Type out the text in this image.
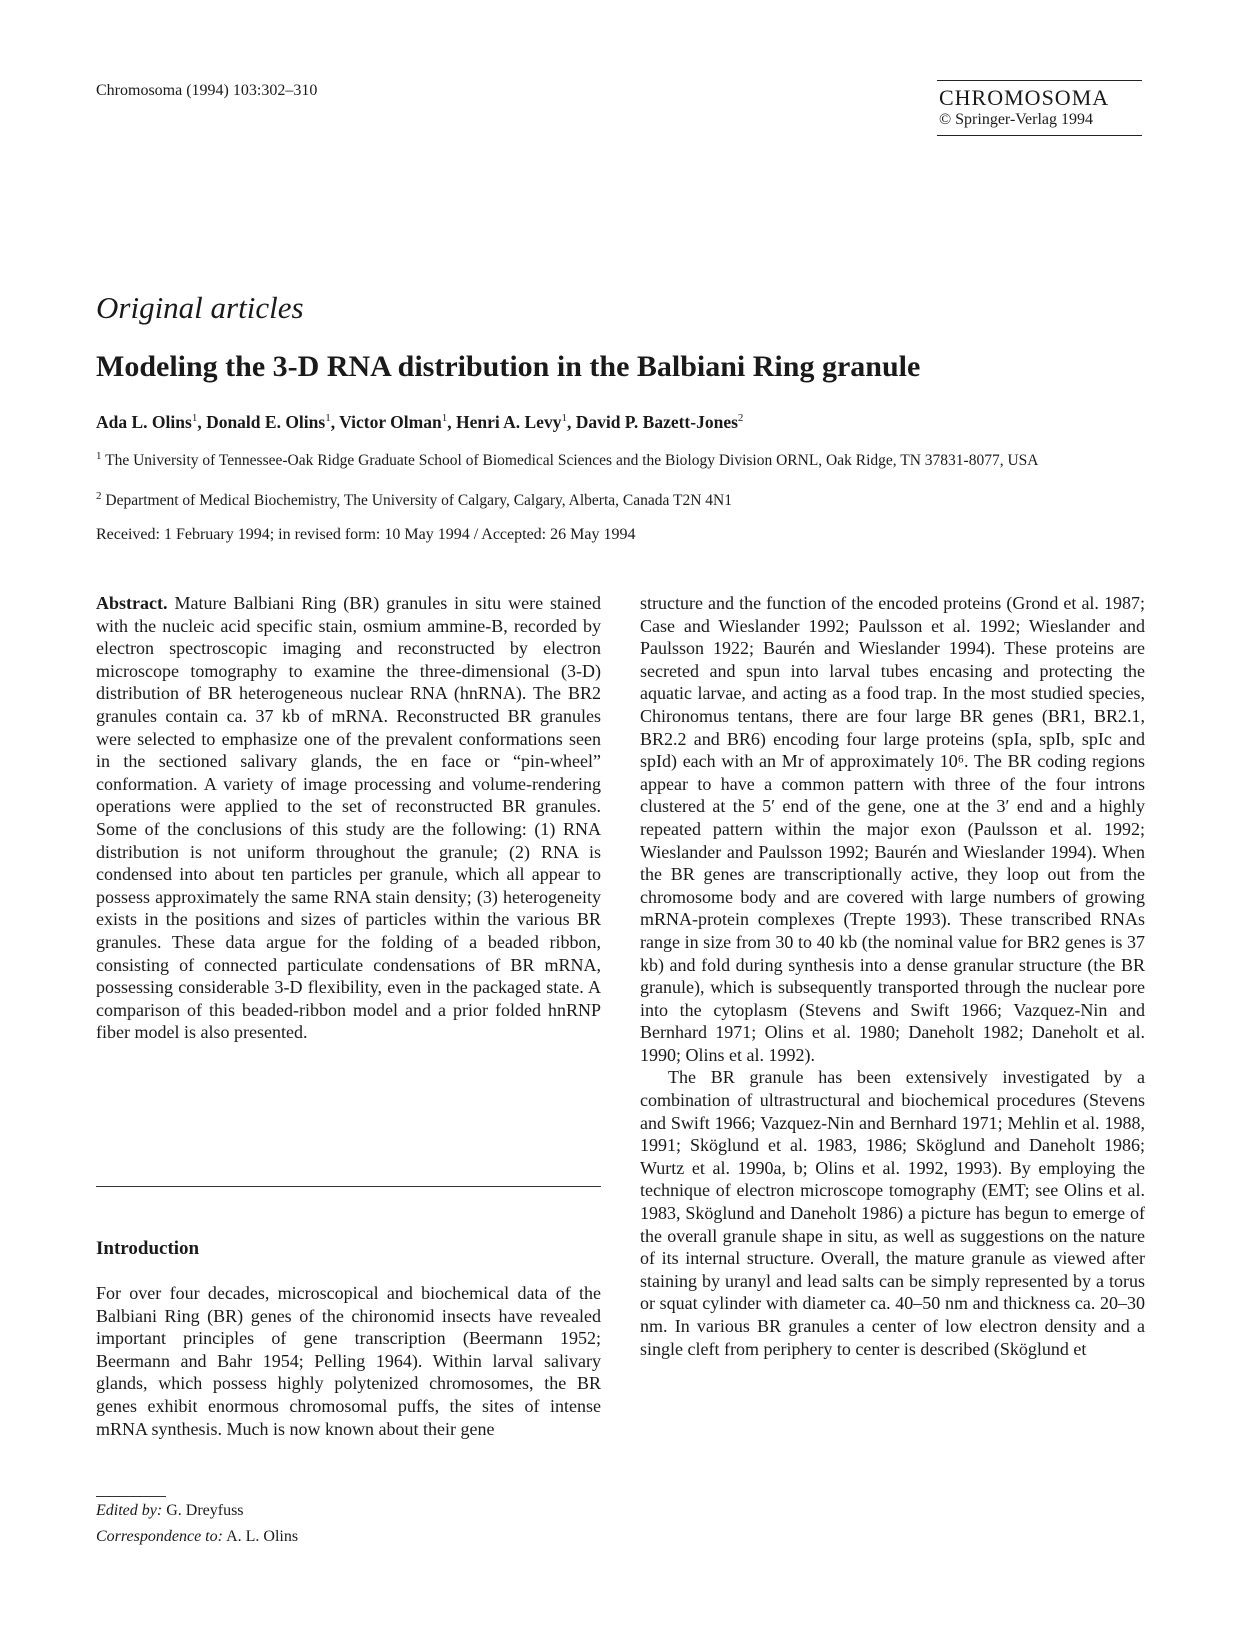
Chromosoma (1994) 103:302–310	CHROMOSOMA
© Springer-Verlag 1994
Original articles
Modeling the 3-D RNA distribution in the Balbiani Ring granule
Ada L. Olins$^1$, Donald E. Olins$^1$, Victor Olman$^1$, Henri A. Levy$^1$, David P. Bazett-Jones$^2$
$^1$ The University of Tennessee-Oak Ridge Graduate School of Biomedical Sciences and the Biology Division ORNL, Oak Ridge, TN 37831-8077, USA
$^2$ Department of Medical Biochemistry, The University of Calgary, Calgary, Alberta, Canada T2N 4N1
Received: 1 February 1994; in revised form: 10 May 1994 / Accepted: 26 May 1994

Abstract. Mature Balbiani Ring (BR) granules in situ were stained with the nucleic acid specific stain, osmium ammine-B, recorded by electron spectroscopic imaging and reconstructed by electron microscope tomography to examine the three-dimensional (3-D) distribution of BR heterogeneous nuclear RNA (hnRNA). The BR2 granules contain ca. 37 kb of mRNA. Reconstructed BR granules were selected to emphasize one of the prevalent conformations seen in the sectioned salivary glands, the en face or “pin-wheel” conformation. A variety of image processing and volume-rendering operations were applied to the set of reconstructed BR granules. Some of the conclusions of this study are the following: (1) RNA distribution is not uniform throughout the granule; (2) RNA is condensed into about ten particles per granule, which all appear to possess approximately the same RNA stain density; (3) heterogeneity exists in the positions and sizes of particles within the various BR granules. These data argue for the folding of a beaded ribbon, consisting of connected particulate condensations of BR mRNA, possessing considerable 3-D flexibility, even in the packaged state. A comparison of this beaded-ribbon model and a prior folded hnRNP fiber model is also presented.

Introduction

For over four decades, microscopical and biochemical data of the Balbiani Ring (BR) genes of the chironomid insects have revealed important principles of gene transcription (Beermann 1952; Beermann and Bahr 1954; Pelling 1964). Within larval salivary glands, which possess highly polytenized chromosomes, the BR genes exhibit enormous chromosomal puffs, the sites of intense mRNA synthesis. Much is now known about their gene

structure and the function of the encoded proteins (Grond et al. 1987; Case and Wieslander 1992; Paulsson et al. 1992; Wieslander and Paulsson 1922; Baurén and Wieslander 1994). These proteins are secreted and spun into larval tubes encasing and protecting the aquatic larvae, and acting as a food trap. In the most studied species, Chironomus tentans, there are four large BR genes (BR1, BR2.1, BR2.2 and BR6) encoding four large proteins (spIa, spIb, spIc and spId) each with an Mr of approximately 10⁶. The BR coding regions appear to have a common pattern with three of the four introns clustered at the 5′ end of the gene, one at the 3′ end and a highly repeated pattern within the major exon (Paulsson et al. 1992; Wieslander and Paulsson 1992; Baurén and Wieslander 1994). When the BR genes are transcriptionally active, they loop out from the chromosome body and are covered with large numbers of growing mRNA-protein complexes (Trepte 1993). These transcribed RNAs range in size from 30 to 40 kb (the nominal value for BR2 genes is 37 kb) and fold during synthesis into a dense granular structure (the BR granule), which is subsequently transported through the nuclear pore into the cytoplasm (Stevens and Swift 1966; Vazquez-Nin and Bernhard 1971; Olins et al. 1980; Daneholt 1982; Daneholt et al. 1990; Olins et al. 1992).

The BR granule has been extensively investigated by a combination of ultrastructural and biochemical procedures (Stevens and Swift 1966; Vazquez-Nin and Bernhard 1971; Mehlin et al. 1988, 1991; Sköglund et al. 1983, 1986; Sköglund and Daneholt 1986; Wurtz et al. 1990a, b; Olins et al. 1992, 1993). By employing the technique of electron microscope tomography (EMT; see Olins et al. 1983, Sköglund and Daneholt 1986) a picture has begun to emerge of the overall granule shape in situ, as well as suggestions on the nature of its internal structure. Overall, the mature granule as viewed after staining by uranyl and lead salts can be simply represented by a torus or squat cylinder with diameter ca. 40–50 nm and thickness ca. 20–30 nm. In various BR granules a center of low electron density and a single cleft from periphery to center is described (Sköglund et

Edited by: G. Dreyfuss
Correspondence to: A. L. Olins
